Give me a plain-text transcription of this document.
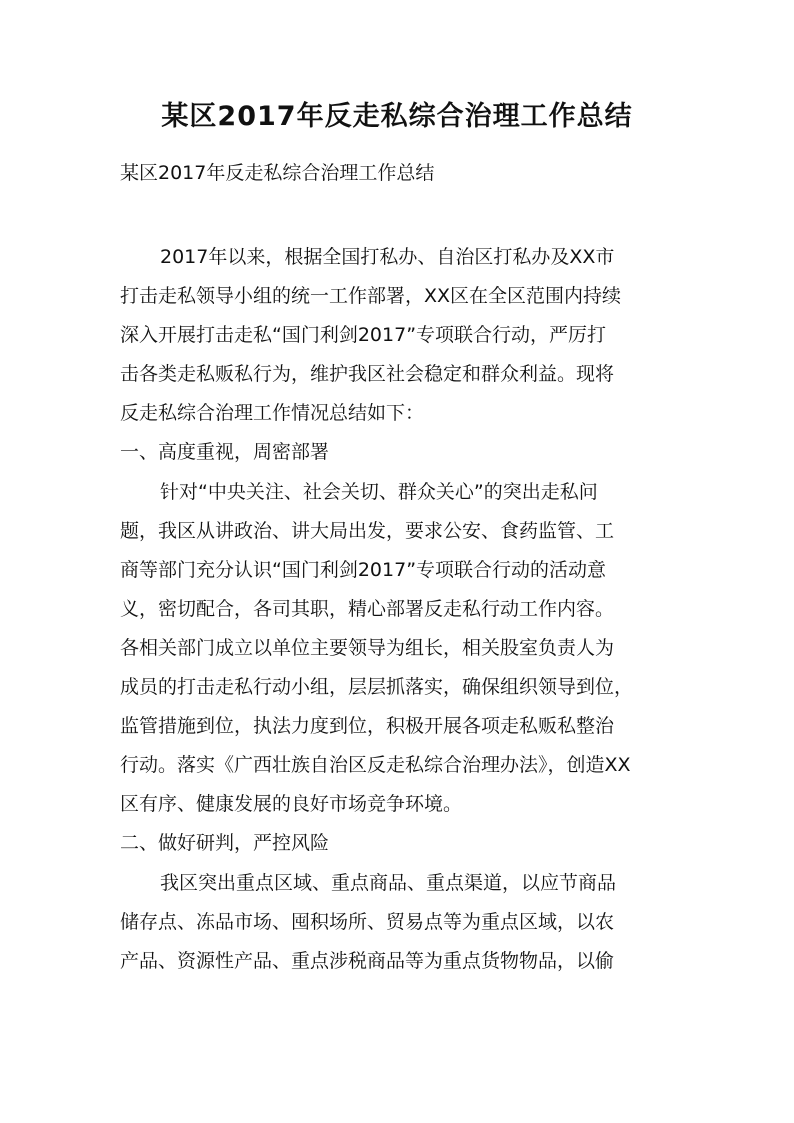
某区2017年反走私综合治理工作总结

某区2017年反走私综合治理工作总结

2017年以来，根据全国打私办、自治区打私办及XX市

打击走私领导小组的统一工作部署，XX区在全区范围内持续

深入开展打击走私“国门利剑2017”专项联合行动，严厉打

击各类走私贩私行为，维护我区社会稳定和群众利益。现将

反走私综合治理工作情况总结如下：

一、高度重视，周密部署

针对“中央关注、社会关切、群众关心”的突出走私问

题，我区从讲政治、讲大局出发，要求公安、食药监管、工

商等部门充分认识“国门利剑2017”专项联合行动的活动意

义，密切配合，各司其职，精心部署反走私行动工作内容。

各相关部门成立以单位主要领导为组长，相关股室负责人为

成员的打击走私行动小组，层层抓落实，确保组织领导到位，

监管措施到位，执法力度到位，积极开展各项走私贩私整治

行动。落实《广西壮族自治区反走私综合治理办法》，创造XX

区有序、健康发展的良好市场竞争环境。

二、做好研判，严控风险

我区突出重点区域、重点商品、重点渠道，以应节商品

储存点、冻品市场、囤积场所、贸易点等为重点区域，以农

产品、资源性产品、重点涉税商品等为重点货物物品，以偷
